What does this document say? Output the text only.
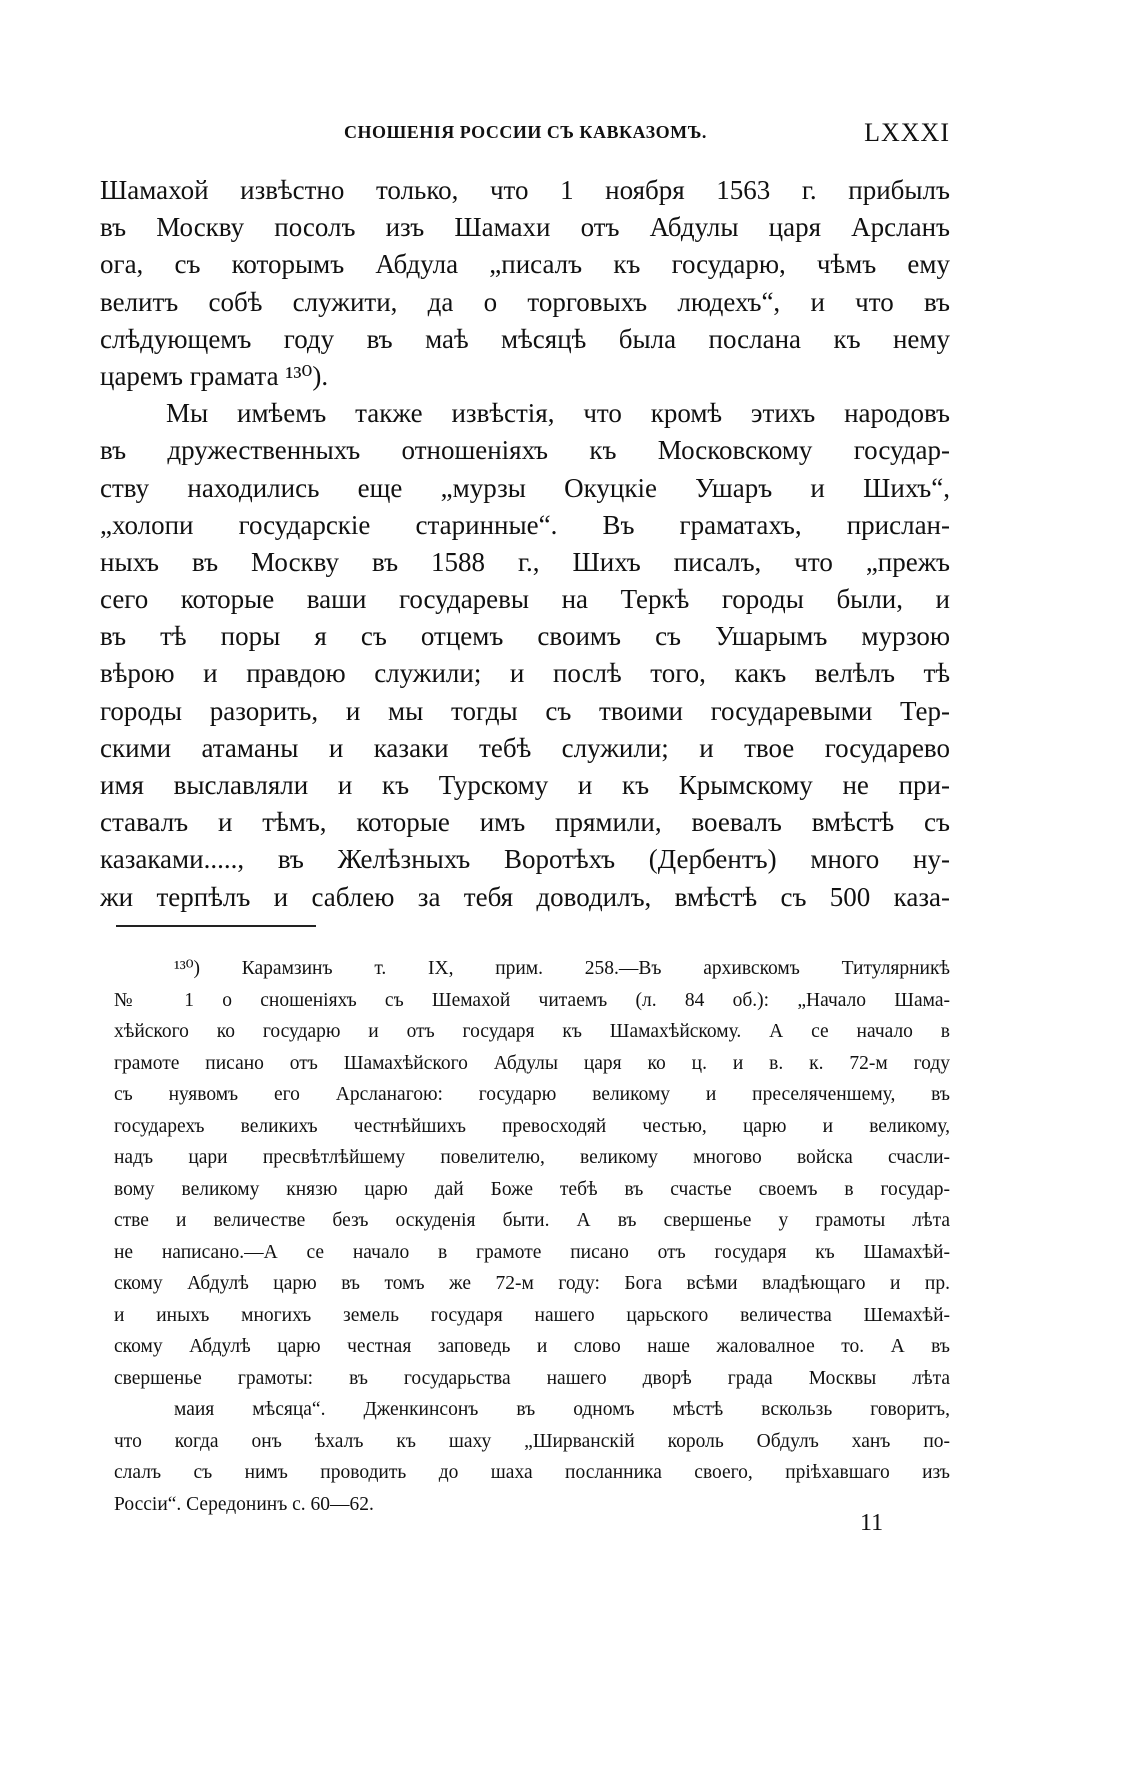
СНОШЕНІЯ РОССИИ СЪ КАВКАЗОМЪ.	LXXXI
Шамахой извѣстно только, что 1 ноября 1563 г. прибылъ
въ Москву посолъ изъ Шамахи отъ Абдулы царя Арсланъ
ога, съ которымъ Абдула „писалъ къ государю, чѣмъ ему
велитъ собѣ служити, да о торговыхъ людехъ“, и что въ
слѣдующемъ году въ маѣ мѣсяцѣ была послана къ нему
царемъ грамата ¹³⁰).
Мы имѣемъ также извѣстія, что кромѣ этихъ народовъ
въ дружественныхъ отношеніяхъ къ Московскому государ-
ству находились еще „мурзы Окуцкіе Ушаръ и Шихъ“,
„холопи государскіе старинные“. Въ граматахъ, прислан-
ныхъ въ Москву въ 1588 г., Шихъ писалъ, что „прежъ
сего которые ваши государевы на Теркѣ городы были, и
въ тѣ поры я съ отцемъ своимъ съ Ушарымъ мурзою
вѣрою и правдою служили; и послѣ того, какъ велѣлъ тѣ
городы разорить, и мы тогды съ твоими государевыми Тер-
скими атаманы и казаки тебѣ служили; и твое государево
имя выславляли и къ Турскому и къ Крымскому не при-
ставалъ и тѣмъ, которые имъ прямили, воевалъ вмѣстѣ съ
казаками....., въ Желѣзныхъ Воротѣхъ (Дербентъ) много ну-
жи терпѣлъ и саблею за тебя доводилъ, вмѣстѣ съ 500 каза-
¹³⁰) Карамзинъ т. IX, прим. 258.—Въ архивскомъ Титулярникѣ
№ 1 о сношеніяхъ съ Шемахой читаемъ (л. 84 об.): „Начало Шама-
хѣйского ко государю и отъ государя къ Шамахѣйскому. А се начало в
грамоте писано отъ Шамахѣйского Абдулы царя ко ц. и в. к. 72-м году
съ нуявомъ его Арсланагою: государю великому и преселяченшему, въ
государехъ великихъ честнѣйшихъ превосходяй честью, царю и великому,
надъ цари пресвѣтлѣйшему повелителю, великому многово войска счасли-
вому великому князю царю дай Боже тебѣ въ счастье своемъ в государ-
стве и величестве безъ оскуденія быти. А въ свершенье у грамоты лѣта
не написано.—А се начало в грамоте писано отъ государя къ Шамахѣй-
скому Абдулѣ царю въ томъ же 72-м году: Бога всѣми владѣющаго и пр.
и иныхъ многихъ земель государя нашего царьского величества Шемахѣй-
скому Абдулѣ царю честная заповедь и слово наше жаловалное то. А въ
свершенье грамоты: въ государьства нашего дворѣ града Москвы лѣта
маия мѣсяца“. Дженкинсонъ въ одномъ мѣстѣ вскользь говоритъ,
что когда онъ ѣхалъ къ шаху „Ширванскій король Обдулъ ханъ по-
слалъ съ нимъ проводить до шаха посланника своего, пріѣхавшаго изъ
Россіи“. Середонинъ с. 60—62.
11
